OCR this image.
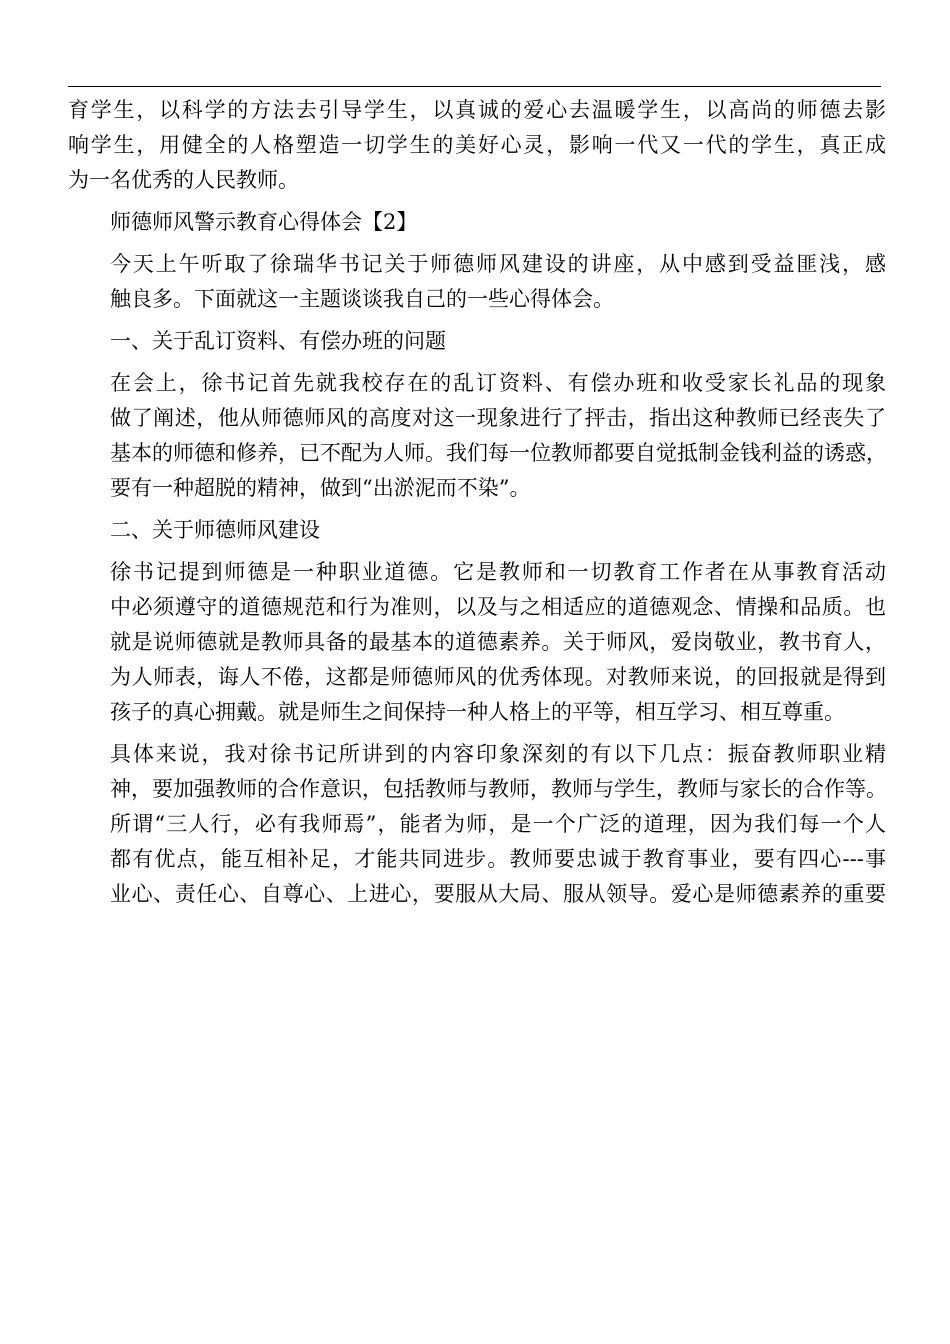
育学生，以科学的方法去引导学生，以真诚的爱心去温暖学生，以高尚的师德去影
响学生，用健全的人格塑造一切学生的美好心灵，影响一代又一代的学生，真正成
为一名优秀的人民教师。

师德师风警示教育心得体会【2】

今天上午听取了徐瑞华书记关于师德师风建设的讲座，从中感到受益匪浅，感
触良多。下面就这一主题谈谈我自己的一些心得体会。

一、关于乱订资料、有偿办班的问题

在会上，徐书记首先就我校存在的乱订资料、有偿办班和收受家长礼品的现象
做了阐述，他从师德师风的高度对这一现象进行了抨击，指出这种教师已经丧失了
基本的师德和修养，已不配为人师。我们每一位教师都要自觉抵制金钱利益的诱惑，
要有一种超脱的精神，做到“出淤泥而不染”。

二、关于师德师风建设

徐书记提到师德是一种职业道德。它是教师和一切教育工作者在从事教育活动
中必须遵守的道德规范和行为准则，以及与之相适应的道德观念、情操和品质。也
就是说师德就是教师具备的最基本的道德素养。关于师风，爱岗敬业，教书育人，
为人师表，诲人不倦，这都是师德师风的优秀体现。对教师来说，的回报就是得到
孩子的真心拥戴。就是师生之间保持一种人格上的平等，相互学习、相互尊重。

具体来说，我对徐书记所讲到的内容印象深刻的有以下几点：振奋教师职业精
神，要加强教师的合作意识，包括教师与教师，教师与学生，教师与家长的合作等。
所谓“三人行，必有我师焉”，能者为师，是一个广泛的道理，因为我们每一个人
都有优点，能互相补足，才能共同进步。教师要忠诚于教育事业，要有四心---事
业心、责任心、自尊心、上进心，要服从大局、服从领导。爱心是师德素养的重要
